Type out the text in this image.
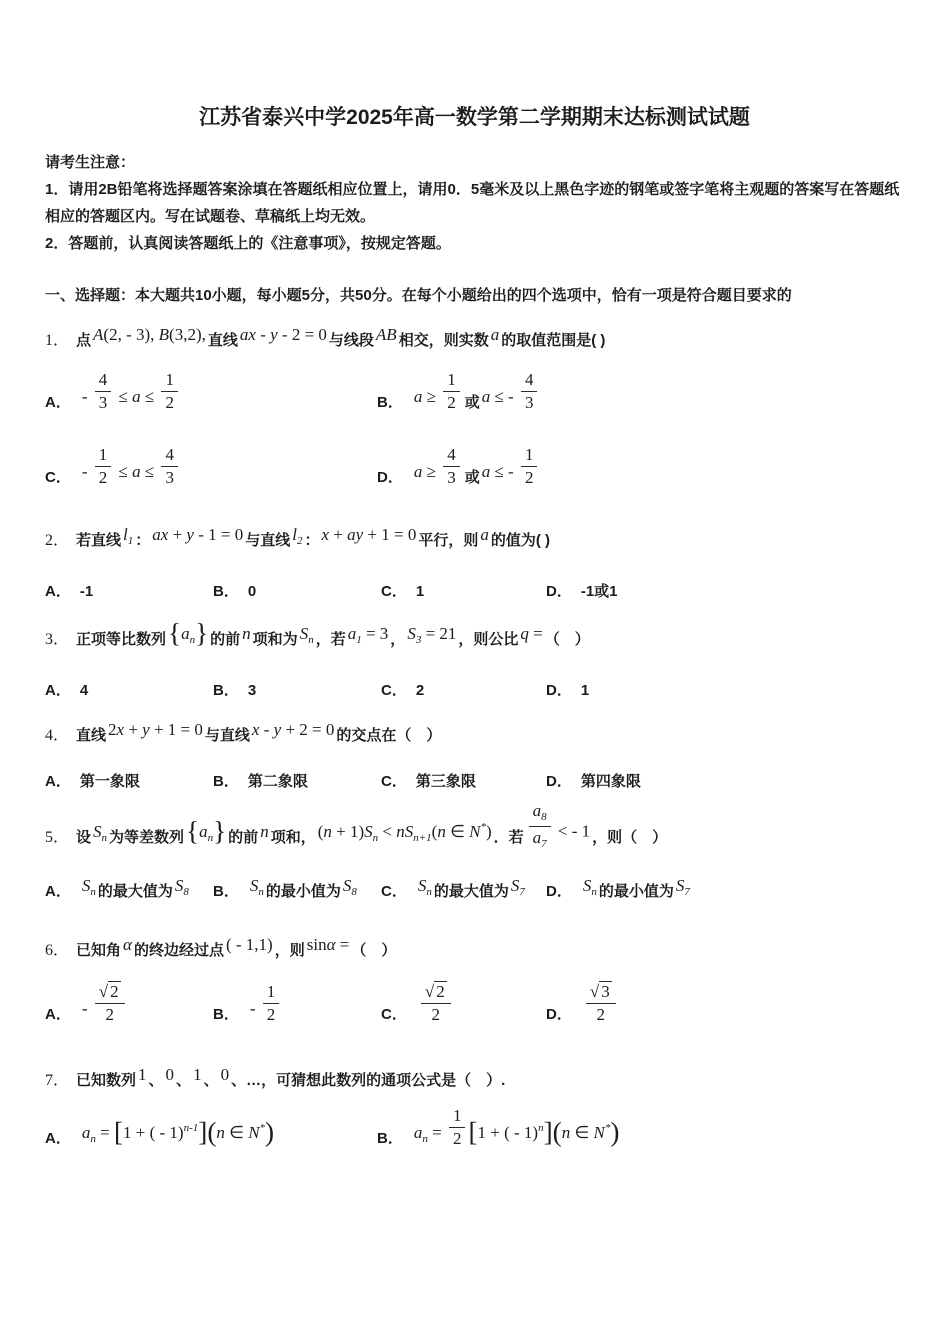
江苏省泰兴中学2025年高一数学第二学期期末达标测试试题
请考生注意：
1．请用2B铅笔将选择题答案涂填在答题纸相应位置上，请用0．5毫米及以上黑色字迹的钢笔或签字笔将主观题的答案写在答题纸相应的答题区内。写在试题卷、草稿纸上均无效。
2．答题前，认真阅读答题纸上的《注意事项》，按规定答题。
一、选择题：本大题共10小题，每小题5分，共50分。在每个小题给出的四个选项中，恰有一项是符合题目要求的
1． 点 A(2, - 3), B(3,2), 直线 ax - y - 2 = 0 与线段 AB 相交，则实数 a 的取值范围是( )
A． - $\frac{4}{3} \le a \le \frac{1}{2}$	B． $a \ge \frac{1}{2}$ 或 a ≤ - $\frac{4}{3}$
C． - $\frac{1}{2} \le a \le \frac{4}{3}$	D． $a \ge \frac{4}{3}$ 或 a ≤ - $\frac{1}{2}$
2． 若直线 $l_1$ ： ax + y - 1 = 0 与直线 $l_2$ ： x + ay + 1 = 0 平行，则 a 的值为( )
A． -1	B． 0	C． 1	D． -1或1
3． 正项等比数列$\{a_n\}$ 的前 n 项和为 $S_n$ ，若 $a_1 = 3$ ， $S_3 = 21$ ，则公比 q = （　）
A． 4	B． 3	C． 2	D． 1
4． 直线 2x + y + 1 = 0 与直线 x - y + 2 = 0 的交点在（　）
A． 第一象限	B． 第二象限	C． 第三象限	D． 第四象限
5． 设 $S_n$ 为等差数列$\{a_n\}$ 的前 n 项和， $(n + 1)S_n < nS_{n+1}(n$ ∈ N*) ．若 $\frac{a_8}{a_7}$ < - 1 ，则（　）
A． $S_n$ 的最大值为 $S_8$	B． $S_n$ 的最小值为 $S_8$	C． $S_n$ 的最大值为 $S_7$	D． $S_n$ 的最小值为 $S_7$
6． 已知角 α 的终边经过点 ( - 1,1) ，则 sinα = （　）
A． - $\frac{√ 2}{2}$	B． - $\frac{1}{2}$	C． $\frac{√ 2}{2}$	D． $\frac{√ 3}{2}$
7． 已知数列 1 、 0 、 1 、 0 、…，可猜想此数列的通项公式是（　）.
A． $a_n = [1$ + ( - 1)$^{n-1}$](n ∈ N*)	B． $a_n = \frac{1}{2} [1$ + ( - 1)$^n$](n ∈ N*)
